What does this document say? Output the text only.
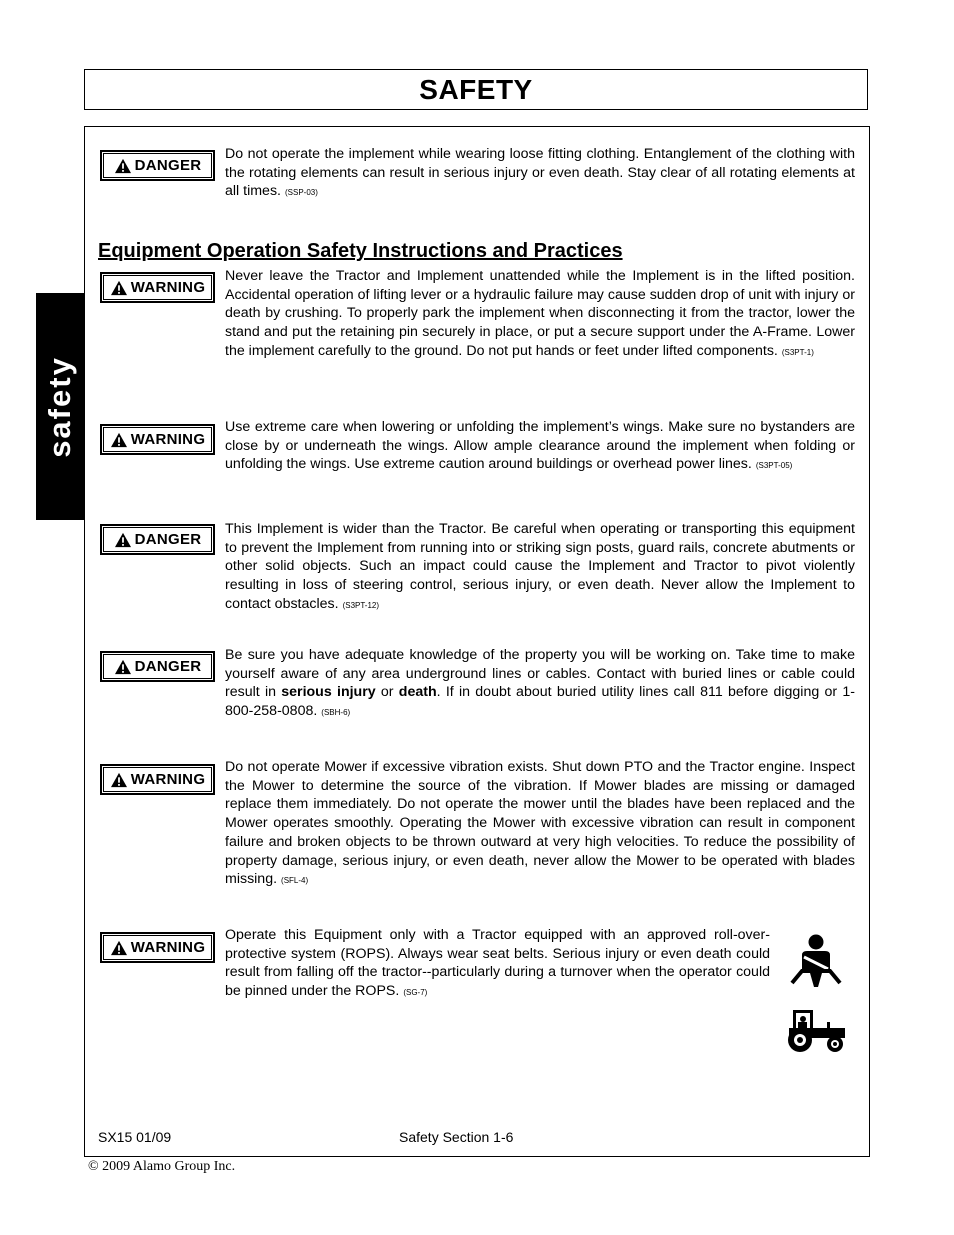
SAFETY
safety
DANGER
Do not operate the implement while wearing loose fitting clothing. Entanglement of the clothing with the rotating elements can result in serious injury or even death. Stay clear of all rotating elements at all times. (SSP-03)
Equipment Operation Safety Instructions and Practices
WARNING
Never leave the Tractor and Implement unattended while the Implement is in the lifted position. Accidental operation of lifting lever or a hydraulic failure may cause sudden drop of unit with injury or death by crushing. To properly park the implement when disconnecting it from the tractor, lower the stand and put the retaining pin securely in place, or put a secure support under the A-Frame. Lower the implement carefully to the ground. Do not put hands or feet under lifted components. (S3PT-1)
WARNING
Use extreme care when lowering or unfolding the implement’s wings. Make sure no bystanders are close by or underneath the wings. Allow ample clearance around the implement when folding or unfolding the wings. Use extreme caution around buildings or overhead power lines. (S3PT-05)
DANGER
This Implement is wider than the Tractor. Be careful when operating or transporting this equipment to prevent the Implement from running into or striking sign posts, guard rails, concrete abutments or other solid objects. Such an impact could cause the Implement and Tractor to pivot violently resulting in loss of steering control, serious injury, or even death. Never allow the Implement to contact obstacles. (S3PT-12)
DANGER
Be sure you have adequate knowledge of the property you will be working on. Take time to make yourself aware of any area underground lines or cables. Contact with buried lines or cable could result in serious injury or death. If in doubt about buried utility lines call 811 before digging or 1-800-258-0808. (SBH-6)
WARNING
Do not operate Mower if excessive vibration exists. Shut down PTO and the Tractor engine. Inspect the Mower to determine the source of the vibration. If Mower blades are missing or damaged replace them immediately. Do not operate the mower until the blades have been replaced and the Mower operates smoothly. Operating the Mower with excessive vibration can result in component failure and broken objects to be thrown outward at very high velocities. To reduce the possibility of property damage, serious injury, or even death, never allow the Mower to be operated with blades missing. (SFL-4)
WARNING
Operate this Equipment only with a Tractor equipped with an approved roll-over-protective system (ROPS). Always wear seat belts. Serious injury or even death could result from falling off the tractor--particularly during a turnover when the operator could be pinned under the ROPS. (SG-7)
SX15 01/09	Safety Section 1-6
© 2009 Alamo Group Inc.
